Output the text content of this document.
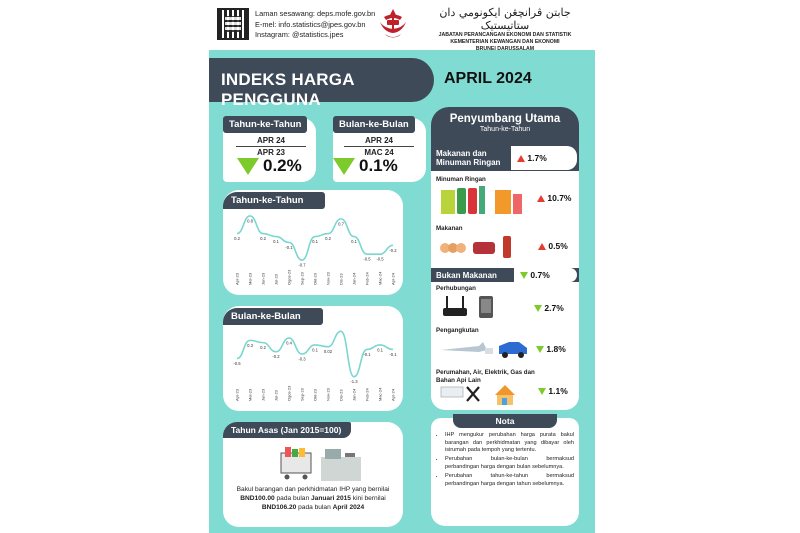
Laman sesawang: deps.mofe.gov.bn
E-mel: info.statistics@jpes.gov.bn
Instagram: @statistics.jpes
جابتن ڤرانچڠن ايکونومي دان ستاتيستيک
JABATAN PERANCANGAN EKONOMI DAN STATISTIK
KEMENTERIAN KEWANGAN DAN EKONOMI
BRUNEI DARUSSALAM
INDEKS HARGA PENGGUNA
APRIL 2024
Tahun-ke-Tahun
APR 24
APR 23
0.2%
Bulan-ke-Bulan
APR 24
MAC 24
0.1%
Tahun-ke-Tahun
0.2
Apr-23
0.8
Mei-23
0.2
Jun-23
0.1
Jul-23
-0.1
Ogos-23
-0.7
Sep-23
0.1
Okt-23
0.2
Nov-23
0.7
Dis-23
0.1
Jan-24
-0.5
Feb-24
-0.5
Mac-24
-0.2
Apr-24
Bulan-ke-Bulan
-0.5
Apr-23
0.3
Mei-23
0.2
Jun-23
-0.2
Jul-23
0.4
Ogos-23
-0.3
Sep-23
0.1
Okt-23
0.02
Nov-23 Dis-23
-1.3
Jan-24
-0.1
Feb-24
0.1
Mac-24
-0.1
Apr-24
Tahun Asas (Jan 2015=100)
Bakul barangan dan perkhidmatan IHP yang bernilai
BND100.00 pada bulan Januari 2015 kini bernilai
BND106.20 pada bulan April 2024
Penyumbang Utama
Tahun-ke-Tahun
Makanan dan
Minuman Ringan	1.7%
Minuman Ringan
10.7%
Makanan
0.5%
Bukan Makanan	0.7%
Perhubungan
2.7%
Pengangkutan
1.8%
Perumahan, Air, Elektrik, Gas dan
Bahan Api Lain
1.1%
Nota
• IHP mengukur perubahan harga purata bakul barangan dan perkhidmatan yang dibayar oleh isirumah pada tempoh yang tertentu.
• Perubahan bulan-ke-bulan bermaksud perbandingan harga dengan bulan sebelumnya.
• Perubahan tahun-ke-tahun bermaksud perbandingan harga dengan tahun sebelumnya.
